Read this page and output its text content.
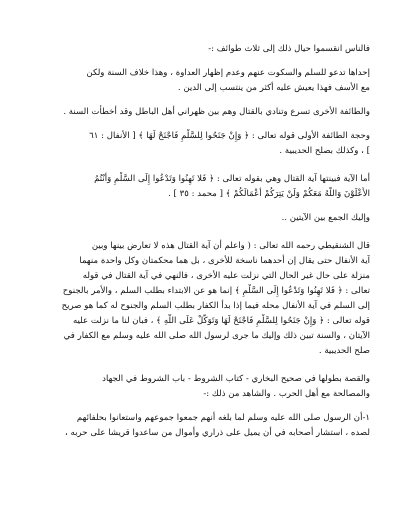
فالناس انقسموا حيال ذلك إلى ثلاث طوائف :-

إحداها تدعو للسلم والسكوت عنهم وعدم إظهار العداوة ، وهذا خلاف السنة ولكن
مع الأسف فهذا يعيش عليه أكثر من ينتسب إلى الدين .

والطائفة الأخرى تسرع وتنادي بالقتال وهم بين ظهراني أهل الباطل وقد أخطأت السنة .

وحجة الطائفة الأولى قوله تعالى : ﴿ وَإِنْ جَنَحُوا لِلسَّلْمِ فَاجْنَحْ لَهَا ﴾ [ الأنفال : ٦١
] ، وكذلك بصلح الحديبية .

أما الآية فبينتها آية القتال وهي بقوله تعالى : ﴿ فَلا تَهِنُوا وَتَدْعُوا إِلَى السَّلْمِ وَأَنْتُمُ
الأَعْلَوْنَ وَاللَّهُ مَعَكُمْ وَلَنْ يَتِرَكُمْ أَعْمَالَكُمْ ﴾ [ محمد : ٣٥ ] .

وإليك الجمع بين الآيتين ..

قال الشنقيطي رحمه الله تعالى : ( واعلم أن آية القتال هذه لا تعارض بينها وبين
آية الأنفال حتى يقال إن أحدهما ناسخة للأخرى ، بل هما محكمتان وكل واحدة منهما
منزلة على حال غير الحال التي نزلت عليه الأخرى ، فالنهي في آية القتال في قوله
تعالى : ﴿ فَلا تَهِنُوا وَتَدْعُوا إِلَى السَّلْمِ ﴾ إنما هو عن الابتداء بطلب السلم ، والأمر بالجنوح
إلى السلم في آية الأنفال محله فيما إذا بدأ الكفار بطلب السلم والجنوح له كما هو صريح
قوله تعالى : ﴿ وَإِنْ جَنَحُوا لِلسَّلْمِ فَاجْنَحْ لَهَا وَتَوَكَّلْ عَلَى اللَّهِ ﴾ ، فبان لنا ما نزلت عليه
الآيتان ، والسنة تبين ذلك وإليك ما جرى لرسول الله صلى الله عليه وسلم مع الكفار في
صلح الحديبية .

والقصة بطولها في صحيح البخاري - كتاب الشروط - باب الشروط في الجهاد
والمصالحة مع أهل الحرب . والشاهد من ذلك :-

١-أن الرسول صلى الله عليه وسلم لما بلغه أنهم جمعوا جموعهم واستعانوا بحلفائهم
لصده ، استشار أصحابه في أن يميل على ذراري وأموال من ساعدوا قريشا على حربه ،
